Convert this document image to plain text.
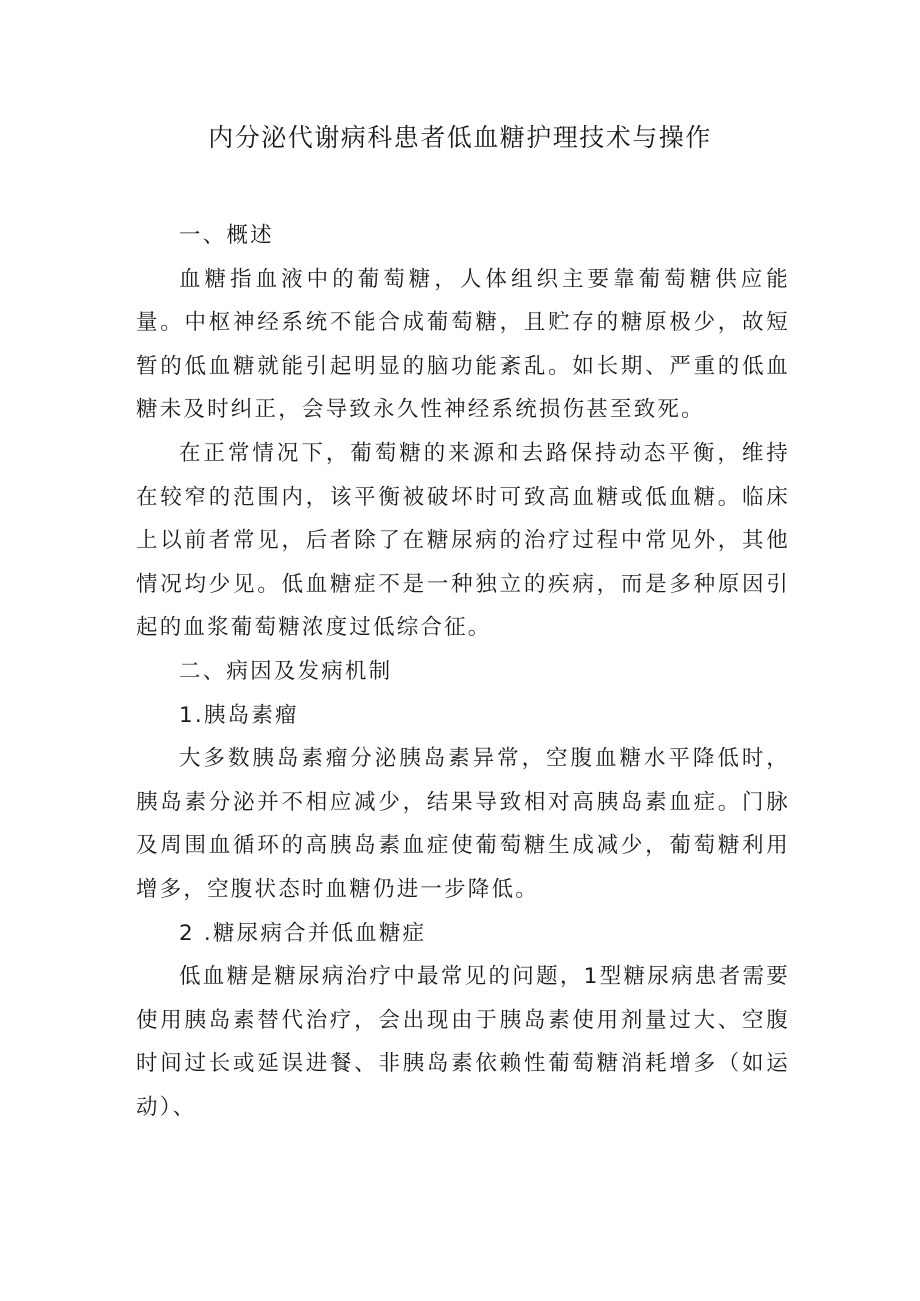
内分泌代谢病科患者低血糖护理技术与操作

一、概述

血糖指血液中的葡萄糖，人体组织主要靠葡萄糖供应能量。中枢神经系统不能合成葡萄糖，且贮存的糖原极少，故短暂的低血糖就能引起明显的脑功能紊乱。如长期、严重的低血糖未及时纠正，会导致永久性神经系统损伤甚至致死。

在正常情况下，葡萄糖的来源和去路保持动态平衡，维持在较窄的范围内，该平衡被破坏时可致高血糖或低血糖。临床上以前者常见，后者除了在糖尿病的治疗过程中常见外，其他情况均少见。低血糖症不是一种独立的疾病，而是多种原因引起的血浆葡萄糖浓度过低综合征。

二、病因及发病机制

1.胰岛素瘤

大多数胰岛素瘤分泌胰岛素异常，空腹血糖水平降低时，胰岛素分泌并不相应减少，结果导致相对高胰岛素血症。门脉及周围血循环的高胰岛素血症使葡萄糖生成减少，葡萄糖利用增多，空腹状态时血糖仍进一步降低。

2 .糖尿病合并低血糖症

低血糖是糖尿病治疗中最常见的问题，1型糖尿病患者需要使用胰岛素替代治疗，会出现由于胰岛素使用剂量过大、空腹时间过长或延误进餐、非胰岛素依赖性葡萄糖消耗增多（如运动）、
